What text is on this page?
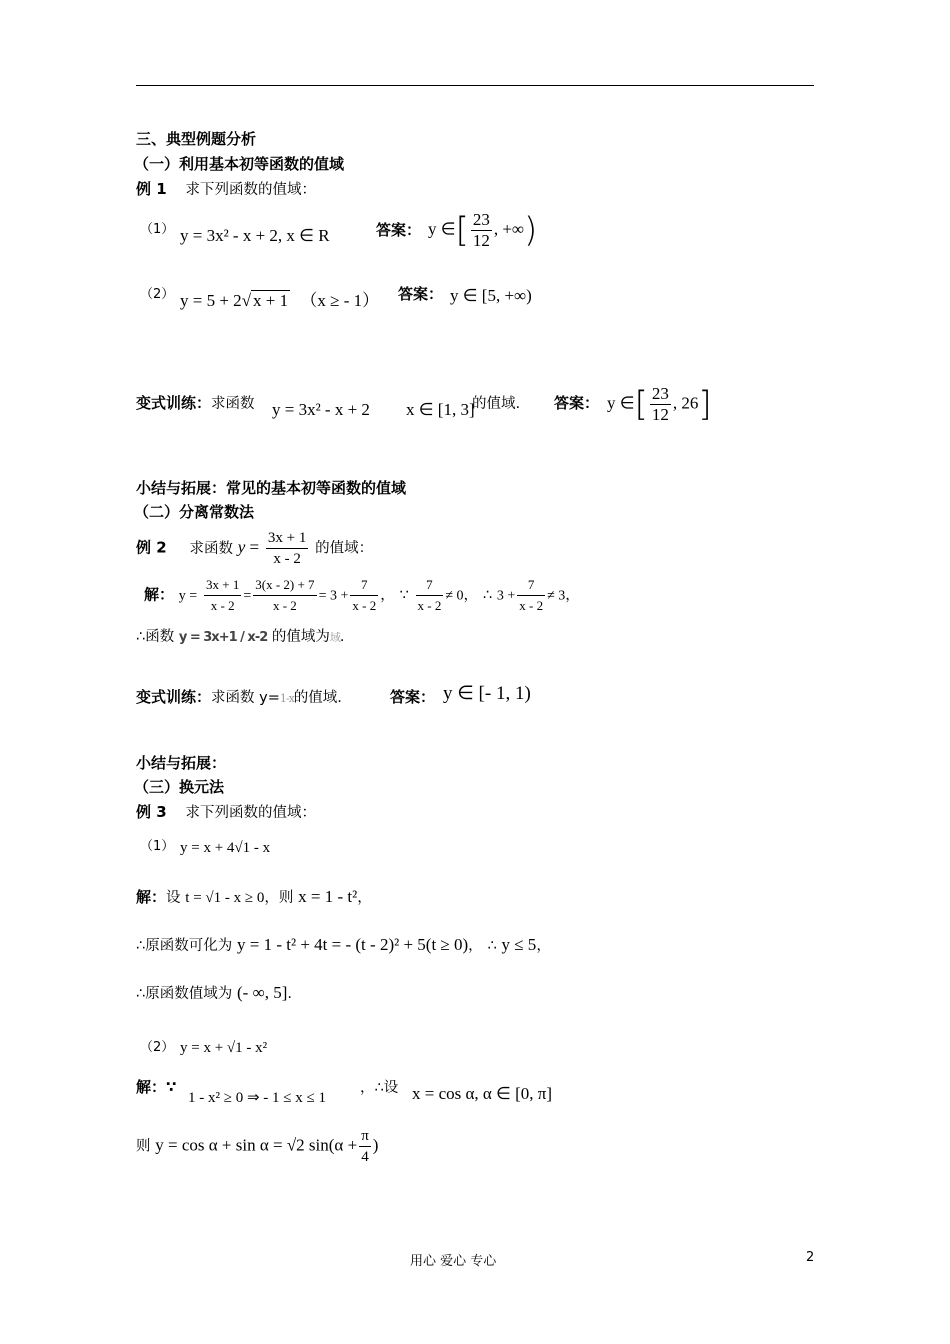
三、典型例题分析
（一）利用基本初等函数的值域
例 1 求下列函数的值域：
（1） y = 3x² - x + 2, x ∈ R	答案： y ∈[ $\frac{23}{12}$ , +∞)
（2） y = 5 + 2√ x + 1 （x ≥ - 1） 答案： y ∈ [5, +∞)
变式训练：求函数 y = 3x² - x + 2 x ∈ [1, 3]
的值域. 答案： y ∈[ $\frac{23}{12}$ , 26]
小结与拓展：常见的基本初等函数的值域
（二）分离常数法
例 2 求函数 $y = \frac{3x + 1}{x - 2}$ 的值域：
解： $y = \frac{3x + 1}{x - 2} = \frac{3(x - 2) + 7}{x - 2} = 3 + \frac{7}{x - 2}$ ， ∵ $\frac{7}{x - 2} \ne 0$， ∴ $3 + \frac{7}{x - 2} \ne 3$，
∴函数 y = 3x+1 / x-2 的值域为域.
变式训练：求函数 y=1-x的值域.	答案： y ∈ [- 1, 1)
小结与拓展：
（三）换元法
例 3 求下列函数的值域：
（1） y = x + 4√1 - x
解：设 t = √1 - x ≥ 0，则 x = 1 - t²，
∴原函数可化为 y = 1 - t² + 4t = - (t - 2)² + 5(t ≥ 0)， ∴ y ≤ 5，
∴原函数值域为 (- ∞, 5].
（2） y = x + √1 - x²
解：∵
1 - x² ≥ 0 ⇒ - 1 ≤ x ≤ 1
，∴设 x = cos α, α ∈ [0, π]
则 y = cos α + sin α = √2 $\sin(\alpha + \frac{\pi}{4}$ )
用心 爱心 专心	2
